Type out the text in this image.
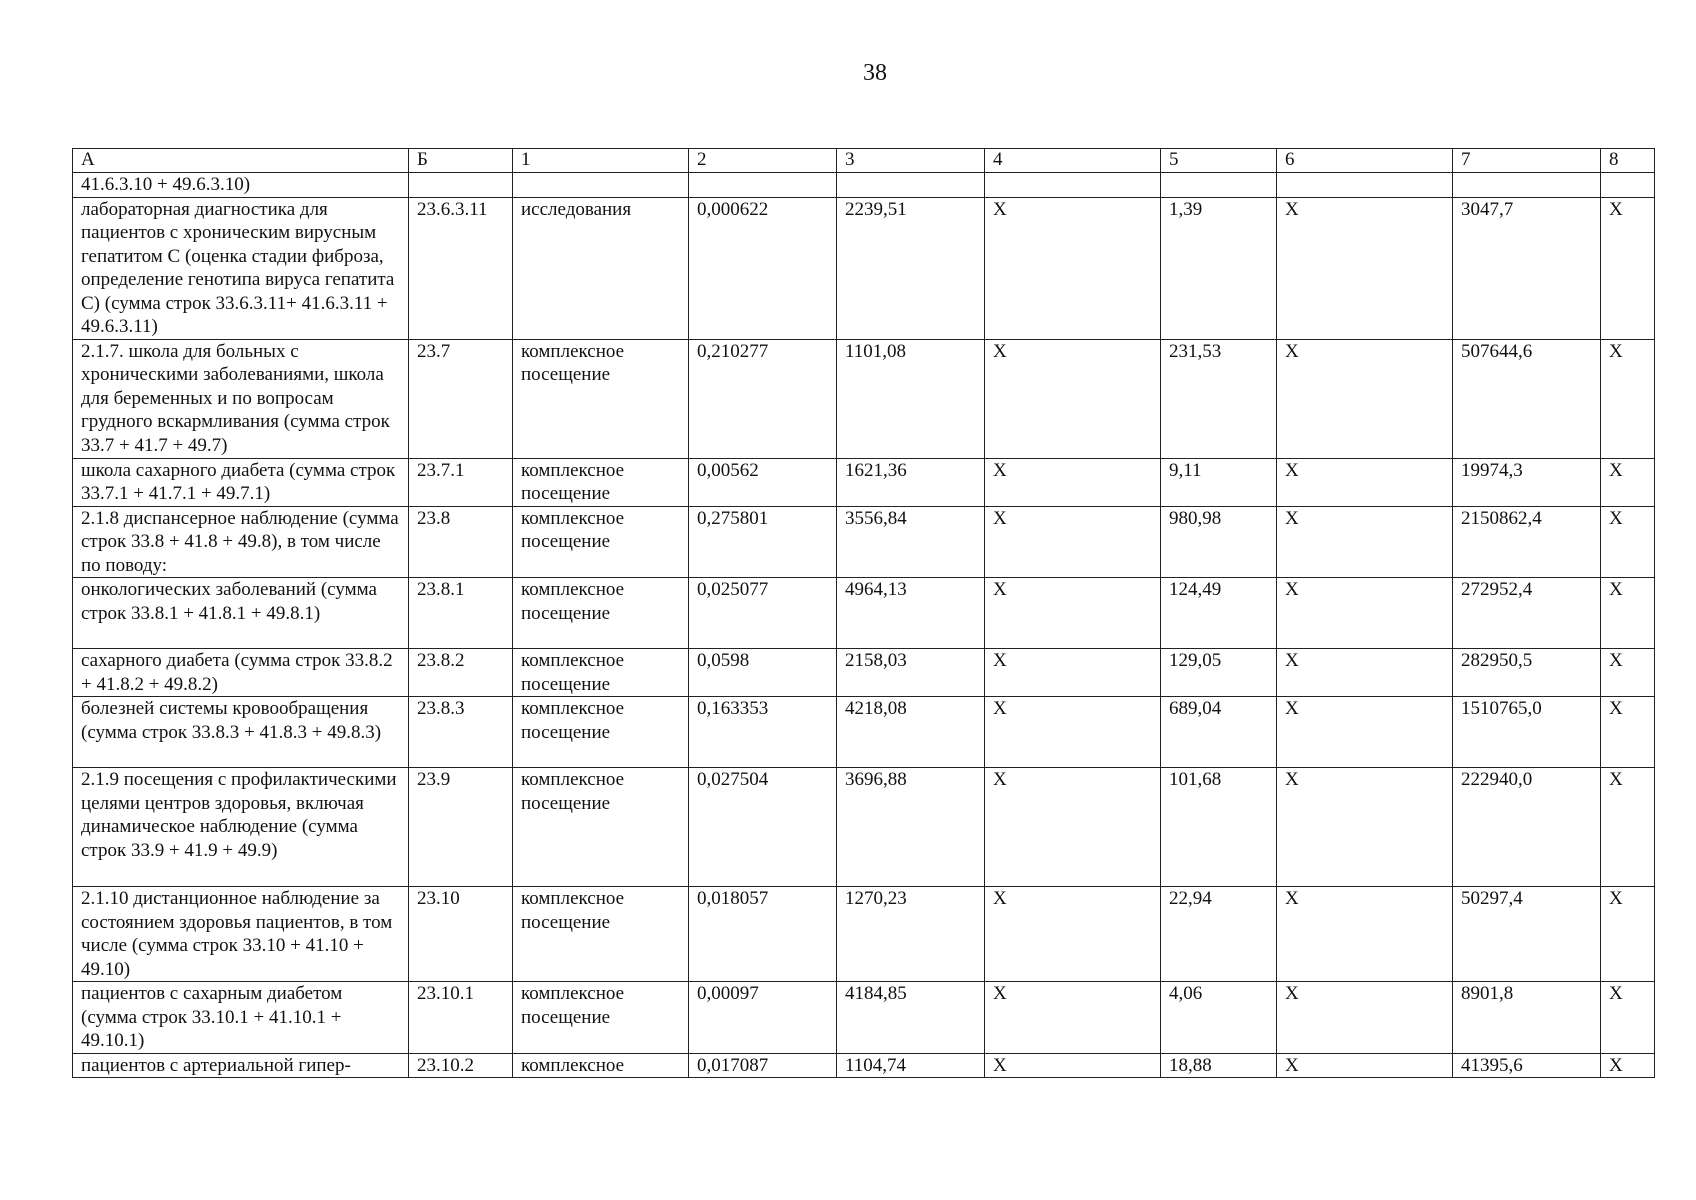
38
А	Б	1	2	3	4	5	6	7	8
41.6.3.10 + 49.6.3.10)									
лабораторная диагностика для пациентов с хроническим вирусным гепатитом С (оценка стадии фиброза, определение генотипа вируса гепатита С) (сумма строк 33.6.3.11+ 41.6.3.11 + 49.6.3.11)	23.6.3.11	исследования	0,000622	2239,51	X	1,39	X	3047,7	X
2.1.7. школа для больных с хроническими заболеваниями, школа для беременных и по вопросам грудного вскармливания (сумма строк 33.7 + 41.7 + 49.7)	23.7	комплексное посещение	0,210277	1101,08	X	231,53	X	507644,6	X
школа сахарного диабета (сумма строк 33.7.1 + 41.7.1 + 49.7.1)	23.7.1	комплексное посещение	0,00562	1621,36	X	9,11	X	19974,3	X
2.1.8 диспансерное наблюдение (сумма строк 33.8 + 41.8 + 49.8), в том числе по поводу:	23.8	комплексное посещение	0,275801	3556,84	X	980,98	X	2150862,4	X
онкологических заболеваний (сумма строк 33.8.1 + 41.8.1 + 49.8.1)	23.8.1	комплексное посещение	0,025077	4964,13	X	124,49	X	272952,4	X
сахарного диабета (сумма строк 33.8.2 + 41.8.2 + 49.8.2)	23.8.2	комплексное посещение	0,0598	2158,03	X	129,05	X	282950,5	X
болезней системы кровообращения (сумма строк 33.8.3 + 41.8.3 + 49.8.3)	23.8.3	комплексное посещение	0,163353	4218,08	X	689,04	X	1510765,0	X
2.1.9 посещения с профилактическими целями центров здоровья, включая динамическое наблюдение (сумма строк 33.9 + 41.9 + 49.9)	23.9	комплексное посещение	0,027504	3696,88	X	101,68	X	222940,0	X
2.1.10 дистанционное наблюдение за состоянием здоровья пациентов, в том числе (сумма строк 33.10 + 41.10 + 49.10)	23.10	комплексное посещение	0,018057	1270,23	X	22,94	X	50297,4	X
пациентов с сахарным диабетом (сумма строк 33.10.1 + 41.10.1 + 49.10.1)	23.10.1	комплексное посещение	0,00097	4184,85	X	4,06	X	8901,8	X
пациентов с артериальной гипер-	23.10.2	комплексное	0,017087	1104,74	X	18,88	X	41395,6	X
